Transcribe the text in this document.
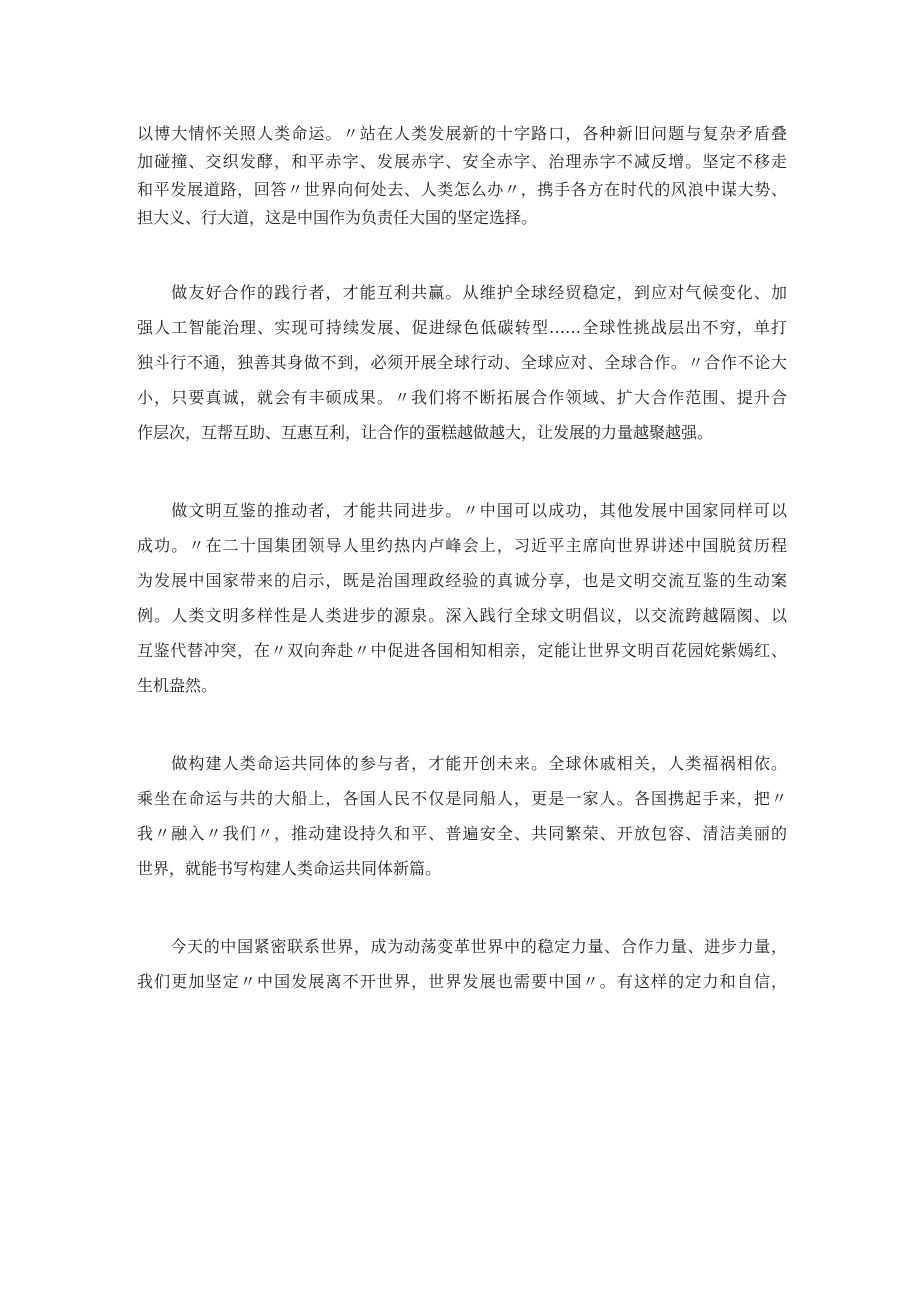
以博大情怀关照人类命运。〃站在人类发展新的十字路口，各种新旧问题与复杂矛盾叠
加碰撞、交织发酵，和平赤字、发展赤字、安全赤字、治理赤字不减反增。坚定不移走
和平发展道路，回答〃世界向何处去、人类怎么办〃，携手各方在时代的风浪中谋大势、
担大义、行大道，这是中国作为负责任大国的坚定选择。
　　做友好合作的践行者，才能互利共赢。从维护全球经贸稳定，到应对气候变化、加
强人工智能治理、实现可持续发展、促进绿色低碳转型……全球性挑战层出不穷，单打
独斗行不通，独善其身做不到，必须开展全球行动、全球应对、全球合作。〃合作不论大
小，只要真诚，就会有丰硕成果。〃我们将不断拓展合作领域、扩大合作范围、提升合
作层次，互帮互助、互惠互利，让合作的蛋糕越做越大，让发展的力量越聚越强。
　　做文明互鉴的推动者，才能共同进步。〃中国可以成功，其他发展中国家同样可以
成功。〃在二十国集团领导人里约热内卢峰会上，习近平主席向世界讲述中国脱贫历程
为发展中国家带来的启示，既是治国理政经验的真诚分享，也是文明交流互鉴的生动案
例。人类文明多样性是人类进步的源泉。深入践行全球文明倡议，以交流跨越隔阂、以
互鉴代替冲突，在〃双向奔赴〃中促进各国相知相亲，定能让世界文明百花园姹紫嫣红、
生机盎然。
　　做构建人类命运共同体的参与者，才能开创未来。全球休戚相关，人类福祸相依。
乘坐在命运与共的大船上，各国人民不仅是同船人，更是一家人。各国携起手来，把〃
我〃融入〃我们〃，推动建设持久和平、普遍安全、共同繁荣、开放包容、清洁美丽的
世界，就能书写构建人类命运共同体新篇。
　　今天的中国紧密联系世界，成为动荡变革世界中的稳定力量、合作力量、进步力量，
我们更加坚定〃中国发展离不开世界，世界发展也需要中国〃。有这样的定力和自信，
